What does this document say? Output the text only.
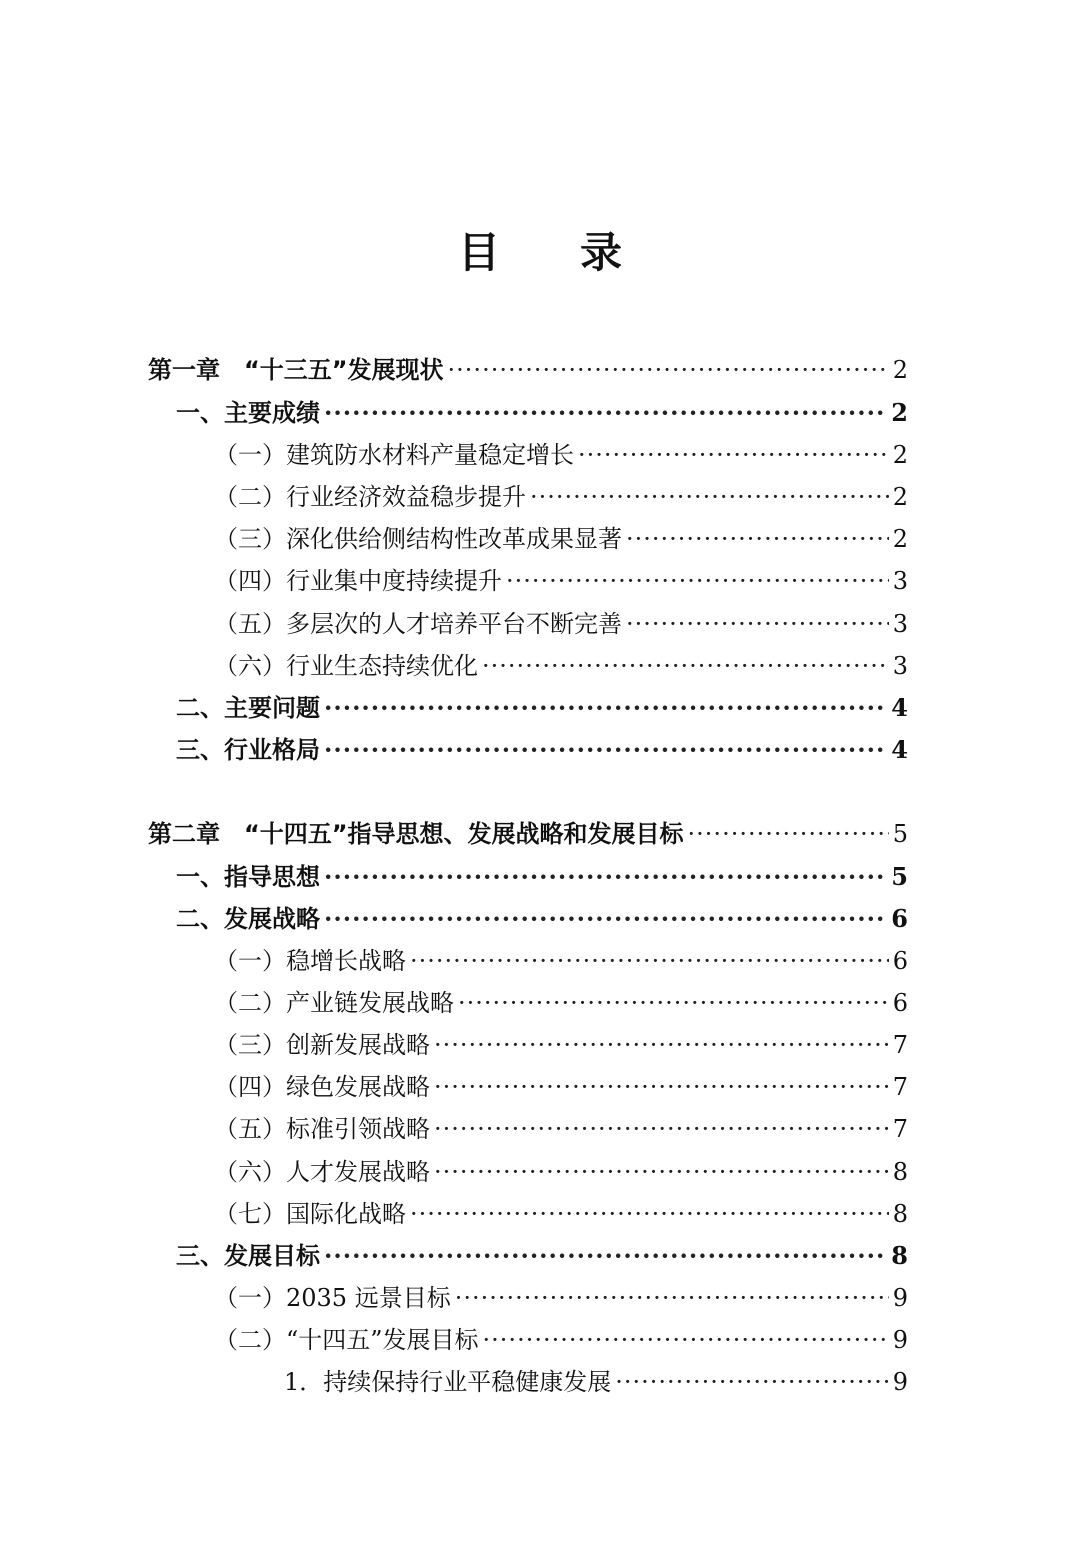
目 录
第一章　“十三五”发展现状 ·····	2
一、主要成绩 ·····	2
（一）建筑防水材料产量稳定增长 ·····	2
（二）行业经济效益稳步提升 ·····	2
（三）深化供给侧结构性改革成果显著 ·····	2
（四）行业集中度持续提升 ·····	3
（五）多层次的人才培养平台不断完善 ·····	3
（六）行业生态持续优化 ·····	3
二、主要问题 ·····	4
三、行业格局 ·····	4
第二章　“十四五”指导思想、发展战略和发展目标 ·····	5
一、指导思想 ·····	5
二、发展战略 ·····	6
（一）稳增长战略 ·····	6
（二）产业链发展战略 ·····	6
（三）创新发展战略 ·····	7
（四）绿色发展战略 ·····	7
（五）标准引领战略 ·····	7
（六）人才发展战略 ·····	8
（七）国际化战略 ·····	8
三、发展目标 ·····	8
（一）2035 远景目标 ·····	9
（二）“十四五”发展目标 ·····	9
1．持续保持行业平稳健康发展 ·····	9
